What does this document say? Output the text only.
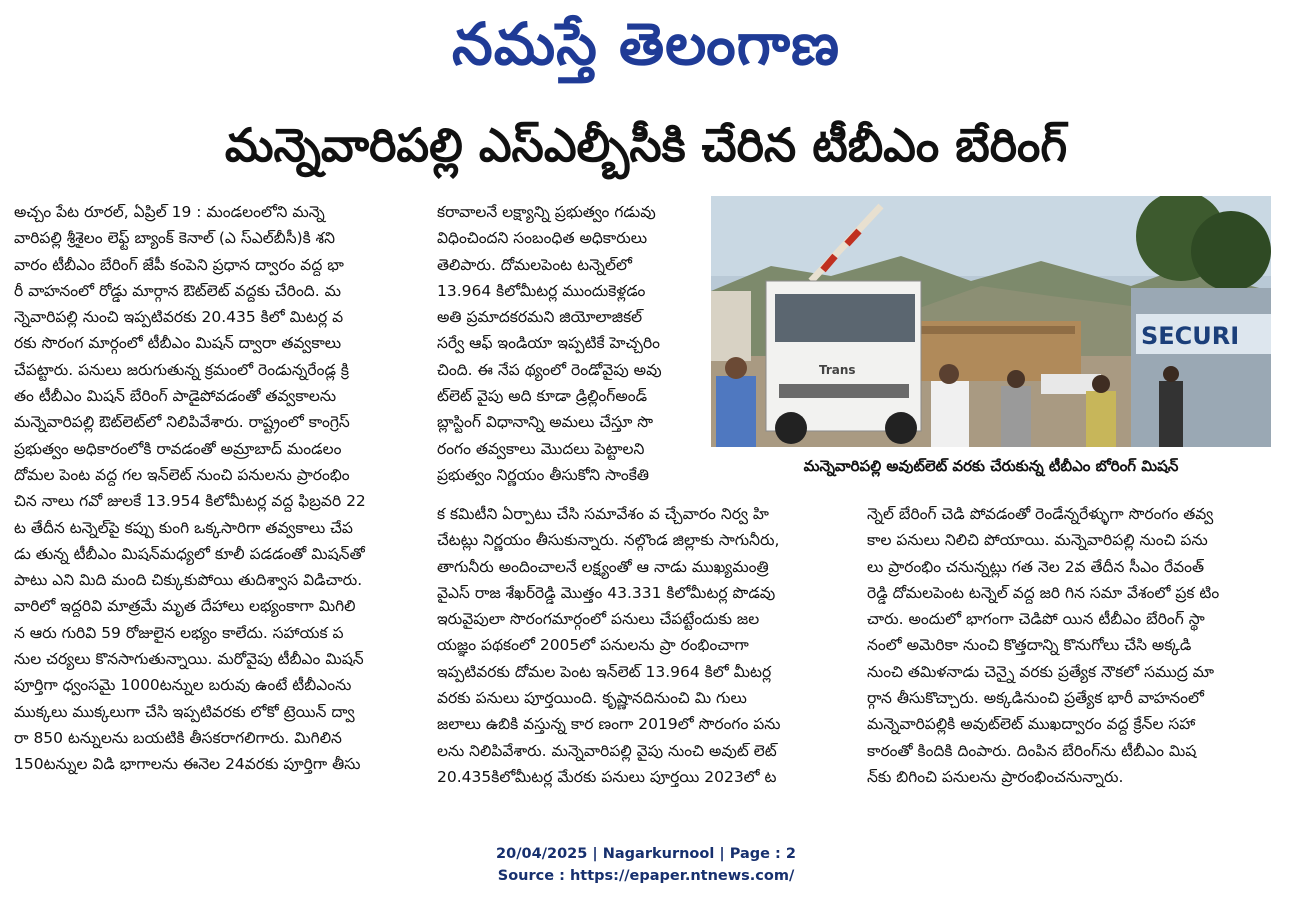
నమస్తే తెలంగాణ
మన్నెవారిపల్లి ఎస్ఎల్బీసీకి చేరిన టీబీఎం బేరింగ్

అచ్చం పేట రూరల్, ఏప్రిల్ 19 : మండలంలోని మన్నె

వారిపల్లి శ్రీశైలం లెఫ్ట్ బ్యాంక్ కెనాల్ (ఎ స్ఎల్‌బీసీ)కి శని

వారం టీబీఎం బేరింగ్ జేపీ కంపెని ప్రధాన ద్వారం వద్ద భా

రీ వాహనంలో రోడ్డు మార్గాన ఔట్‌లెట్ వద్దకు చేరింది. మ

న్నెవారిపల్లి నుంచి ఇప్పటివరకు 20.435 కిలో మిటర్ల వ

రకు సొరంగ మార్గంలో టీబీఎం మిషన్ ద్వారా తవ్వకాలు

చేపట్టారు. పనులు జరుగుతున్న క్రమంలో రెండున్నరేండ్ల క్రి

తం టీబీఎం మిషన్ బేరింగ్ పాడైపోవడంతో తవ్వకాలను

మన్నెవారిపల్లి ఔట్‌లెట్‌లో నిలిపివేశారు. రాష్ట్రంలో కాంగ్రెస్

ప్రభుత్వం అధికారంలోకి రావడంతో అమ్రాబాద్ మండలం

దోమల పెంట వద్ద గల ఇన్‌లెట్ నుంచి పనులను ప్రారంభిం

చిన నాలు గవో జులకే 13.954 కిలోమీటర్ల వద్ద ఫిబ్రవరి 22

ట తేదీన టన్నెల్‌పై కప్పు కుంగి ఒక్కసారిగా తవ్వకాలు చేప

డు తున్న టీబీఎం మిషన్‌మధ్యలో కూలీ పడడంతో మిషన్‌తో

పాటు ఎని మిది మంది చిక్కుకుపోయి తుదిశ్వాస విడిచారు.

వారిలో ఇద్దరివి మాత్రమే మృత దేహాలు లభ్యంకాగా మిగిలి

న ఆరు గురివి 59 రోజులైన లభ్యం కాలేదు. సహాయక ప

నుల చర్యలు కొనసాగుతున్నాయి. మరోవైపు టీబీఎం మిషన్

పూర్తిగా ధ్వంసమై 1000టన్నుల బరువు ఉంటే టీబీఎంను

ముక్కలు ముక్కలుగా చేసి ఇప్పటివరకు లోకో ట్రెయిన్ ద్వా

రా 850 టన్నులను బయటికి తీసకరాగలిగారు. మిగిలిన

150టన్నుల విడి భాగాలను ఈనెల 24వరకు పూర్తిగా తీసు

కరావాలనే లక్ష్యాన్ని ప్రభుత్వం గడువు

విధించిందని సంబంధిత అధికారులు

తెలిపారు. దోమలపెంట టన్నెల్‌లో

13.964 కిలోమీటర్ల ముందుకెళ్లడం

అతి ప్రమాదకరమని జియోలాజికల్

సర్వే ఆఫ్ ఇండియా ఇప్పటికే హెచ్చరిం

చింది. ఈ నేప థ్యంలో రెండోవైపు అవు

ట్‌లెట్ వైపు అది కూడా డ్రిల్లింగ్‌అండ్

బ్లాస్టింగ్ విధానాన్ని అమలు చేస్తూ సొ

రంగం తవ్వకాలు మొదలు పెట్టాలని

ప్రభుత్వం నిర్ణయం తీసుకోని సాంకేతి

క కమిటీని ఏర్పాటు చేసి సమావేశం వ చ్చేవారం నిర్వ హి

చేటట్లు నిర్ణయం తీసుకున్నారు. నల్గొండ జిల్లాకు సాగునీరు,

తాగునీరు అందించాలనే లక్ష్యంతో ఆ నాడు ముఖ్యమంత్రి

వైఎస్ రాజ శేఖర్‌రెడ్డి మొత్తం 43.331 కిలోమీటర్ల పొడవు

ఇరువైపులా సొరంగమార్గంలో పనులు చేపట్టేందుకు జల

యజ్ఞం పథకంలో 2005లో పనులను ప్రా రంభించాగా

ఇప్పటివరకు దోమల పెంట ఇన్‌లెట్ 13.964 కిలో మీటర్ల

వరకు పనులు పూర్తయింది. కృష్ణానదినుంచి మి గులు

జలాలు ఉబికి వస్తున్న కార ణంగా 2019లో సొరంగం పను

లను నిలిపివేశారు. మన్నెవారిపల్లి వైపు నుంచి అవుట్ లెట్

20.435కిలోమీటర్ల మేరకు పనులు పూర్తయి 2023లో ట

న్నెల్ బేరింగ్ చెడి పోవడంతో రెండేన్నరేళ్ళుగా సొరంగం తవ్వ

కాల పనులు నిలిచి పోయాయి. మన్నెవారిపల్లి నుంచి పను

లు ప్రారంభిం చనున్నట్లు గత నెల 2వ తేదీన సీఎం రేవంత్

రెడ్డి దోమలపెంట టన్నెల్ వద్ద జరి గిన సమా వేశంలో ప్రక టిం

చారు. అందులో భాగంగా చెడిపో యిన టీబీఎం బేరింగ్ స్థా

నంలో అమెరికా నుంచి కొత్తదాన్ని కొనుగోలు చేసి అక్కడి

నుంచి తమిళనాడు చెన్నై వరకు ప్రత్యేక నౌకలో సముద్ర మా

ర్గాన తీసుకొచ్చారు. అక్కడినుంచి ప్రత్యేక భారీ వాహనంలో

మన్నెవారిపల్లికి అవుట్‌లెట్ ముఖద్వారం వద్ద క్రేన్‌ల సహా

కారంతో కిందికి దింపారు. దింపిన బేరింగ్‌ను టీబీఎం మిష

న్‌కు బిగించి పనులను ప్రారంభించనున్నారు.

SECURI
Trans
మన్నెవారిపల్లి అవుట్‌లెట్ వరకు చేరుకున్న టీబీఎం బోరింగ్ మిషన్
20/04/2025 | Nagarkurnool | Page : 2
Source : https://epaper.ntnews.com/
